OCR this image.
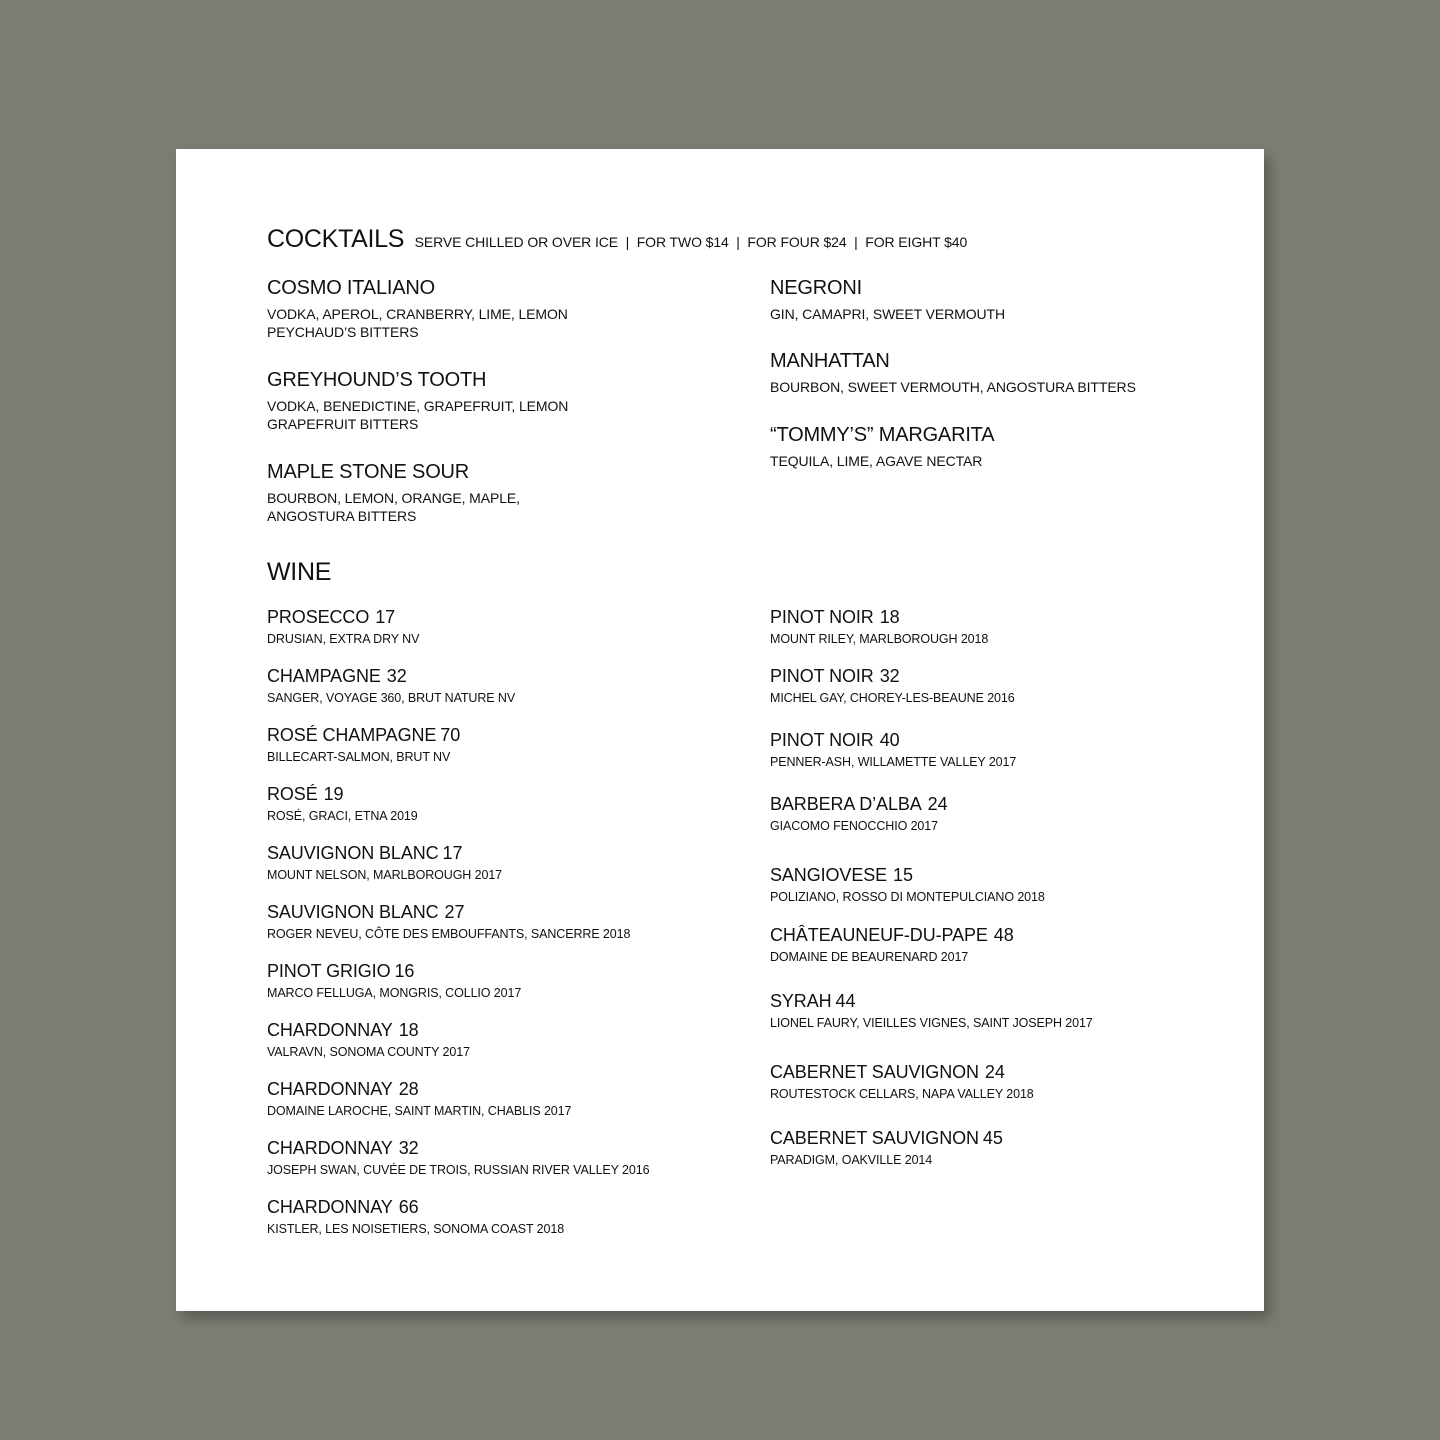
COCKTAILS SERVE CHILLED OR OVER ICE  |  FOR TWO $14  |  FOR FOUR $24  |  FOR EIGHT $40
COSMO ITALIANO
VODKA, APEROL, CRANBERRY, LIME, LEMON
PEYCHAUD’S BITTERS
GREYHOUND’S TOOTH
VODKA, BENEDICTINE, GRAPEFRUIT, LEMON
GRAPEFRUIT BITTERS
MAPLE STONE SOUR
BOURBON, LEMON, ORANGE, MAPLE,
ANGOSTURA BITTERS
NEGRONI
GIN, CAMAPRI, SWEET VERMOUTH
MANHATTAN
BOURBON, SWEET VERMOUTH, ANGOSTURA BITTERS
“TOMMY’S” MARGARITA
TEQUILA, LIME, AGAVE NECTAR
WINE
PROSECCO 17
DRUSIAN, EXTRA DRY NV
CHAMPAGNE 32
SANGER, VOYAGE 360, BRUT NATURE NV
ROSÉ CHAMPAGNE 70
BILLECART-SALMON, BRUT NV
ROSÉ 19
ROSÉ, GRACI, ETNA 2019
SAUVIGNON BLANC 17
MOUNT NELSON, MARLBOROUGH 2017
SAUVIGNON BLANC 27
ROGER NEVEU, CÔTE DES EMBOUFFANTS, SANCERRE 2018
PINOT GRIGIO 16
MARCO FELLUGA, MONGRIS, COLLIO 2017
CHARDONNAY 18
VALRAVN, SONOMA COUNTY 2017
CHARDONNAY 28
DOMAINE LAROCHE, SAINT MARTIN, CHABLIS 2017
CHARDONNAY 32
JOSEPH SWAN, CUVÉE DE TROIS, RUSSIAN RIVER VALLEY 2016
CHARDONNAY 66
KISTLER, LES NOISETIERS, SONOMA COAST 2018
PINOT NOIR 18
MOUNT RILEY, MARLBOROUGH 2018
PINOT NOIR 32
MICHEL GAY, CHOREY-LES-BEAUNE 2016
PINOT NOIR 40
PENNER-ASH, WILLAMETTE VALLEY 2017
BARBERA D’ALBA 24
GIACOMO FENOCCHIO 2017
SANGIOVESE 15
POLIZIANO, ROSSO DI MONTEPULCIANO 2018
CHÂTEAUNEUF-DU-PAPE 48
DOMAINE DE BEAURENARD 2017
SYRAH 44
LIONEL FAURY, VIEILLES VIGNES, SAINT JOSEPH 2017
CABERNET SAUVIGNON 24
ROUTESTOCK CELLARS, NAPA VALLEY 2018
CABERNET SAUVIGNON 45
PARADIGM, OAKVILLE 2014
